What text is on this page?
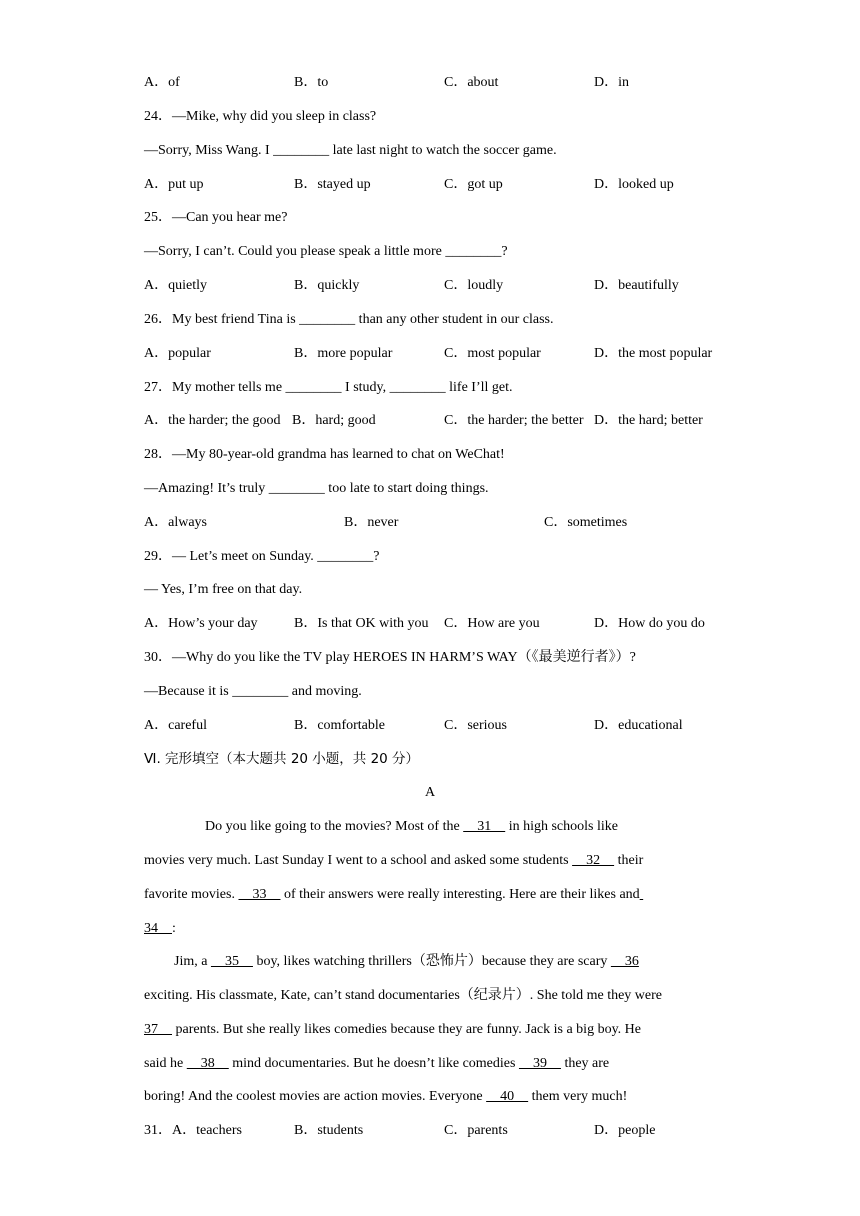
A．of	B．to	C．about	D．in
24．—Mike, why did you sleep in class?
—Sorry, Miss Wang. I ________ late last night to watch the soccer game.
A．put up	B．stayed up	C．got up	D．looked up
25．—Can you hear me?
—Sorry, I can’t. Could you please speak a little more ________?
A．quietly	B．quickly	C．loudly	D．beautifully
26．My best friend Tina is ________ than any other student in our class.
A．popular	B．more popular	C．most popular	D．the most popular
27．My mother tells me ________ I study, ________ life I’ll get.
A．the harder; the good B．hard; good	C．the harder; the better D．the hard; better
28．—My 80-year-old grandma has learned to chat on WeChat!
—Amazing! It’s truly ________ too late to start doing things.
A．always	B．never	C．sometimes
29．— Let’s meet on Sunday. ________?
— Yes, I’m free on that day.
A．How’s your day	B．Is that OK with you C．How are you	D．How do you do
30．—Why do you like the TV play HEROES IN HARM’S WAY（《最美逆行者》）?
—Because it is ________ and moving.
A．careful	B．comfortable	C．serious	D．educational
Ⅵ. 完形填空（本大题共 20 小题，共 20 分）
A
Do you like going to the movies? Most of the     31     in high schools like
movies very much. Last Sunday I went to a school and asked some students     32     their
favorite movies.     33     of their answers were really interesting. Here are their likes and
34    :
Jim, a     35     boy, likes watching thrillers（恐怖片）because they are scary     36
exciting. His classmate, Kate, can’t stand documentaries（纪录片）. She told me they were
37     parents. But she really likes comedies because they are funny. Jack is a big boy. He
said he     38     mind documentaries. But he doesn’t like comedies     39     they are
boring! And the coolest movies are action movies. Everyone     40     them very much!
31．A．teachers	B．students	C．parents	D．people
